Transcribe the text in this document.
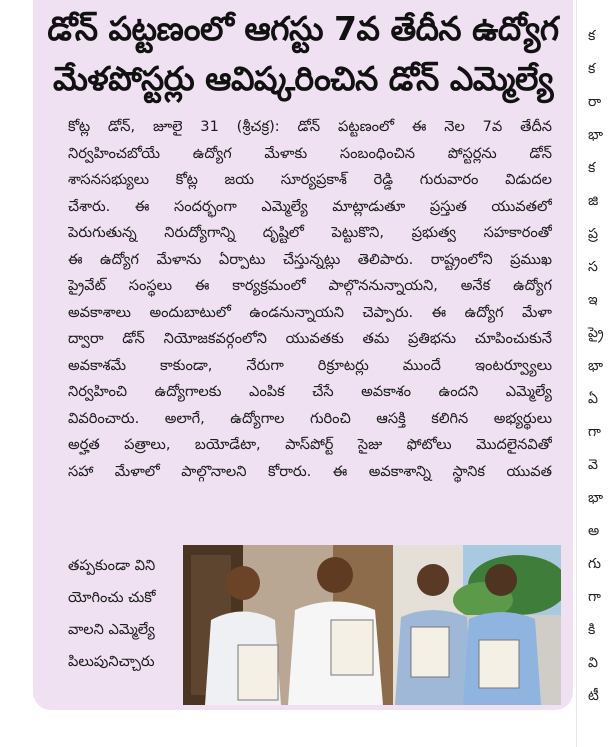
డోన్ పట్టణంలో ఆగస్టు 7వ తేదీన ఉద్యోగ
మేళపోస్టర్లు ఆవిష్కరించిన డోన్ ఎమ్మెల్యే
కోట్ల డోన్, జూలై 31 (శ్రీచక్ర): డోన్ పట్టణంలో ఈ నెల 7వ తేదీన
నిర్వహించబోయే ఉద్యోగ మేళాకు సంబంధించిన పోస్టర్లను డోన్
శాసనసభ్యులు కోట్ల జయ సూర్యప్రకాశ్ రెడ్డి గురువారం విడుదల
చేశారు. ఈ సందర్భంగా ఎమ్మెల్యే మాట్లాడుతూ ప్రస్తుత యువతలో
పెరుగుతున్న నిరుద్యోగాన్ని దృష్టిలో పెట్టుకొని, ప్రభుత్వ సహకారంతో
ఈ ఉద్యోగ మేళాను ఏర్పాటు చేస్తున్నట్లు తెలిపారు. రాష్ట్రంలోని ప్రముఖ
ప్రైవేట్ సంస్థలు ఈ కార్యక్రమంలో పాల్గొననున్నాయని, అనేక ఉద్యోగ
అవకాశాలు అందుబాటులో ఉండనున్నాయని చెప్పారు. ఈ ఉద్యోగ మేళా
ద్వారా డోన్ నియోజకవర్గంలోని యువతకు తమ ప్రతిభను చూపించుకునే
అవకాశమే కాకుండా, నేరుగా రిక్రూటర్లు ముందే ఇంటర్వ్యూలు
నిర్వహించి ఉద్యోగాలకు ఎంపిక చేసే అవకాశం ఉందని ఎమ్మెల్యే
వివరించారు. అలాగే, ఉద్యోగాల గురించి ఆసక్తి కలిగిన అభ్యర్థులు
అర్హత పత్రాలు, బయోడేటా, పాస్‌పోర్ట్ సైజు ఫోటోలు మొదలైనవితో
సహా మేళాలో పాల్గొనాలని కోరారు. ఈ అవకాశాన్ని స్థానిక యువత
తప్పకుండా విని
యోగించు చుకో
వాలని ఎమ్మెల్యే
పిలుపునిచ్చారు
క
క
రా
భా
క
జి
ప్ర
స
ఇ
ప్రై
భా
ఏ
గా
వె
భా
అ
గు
గా
కి
వి
టీ
